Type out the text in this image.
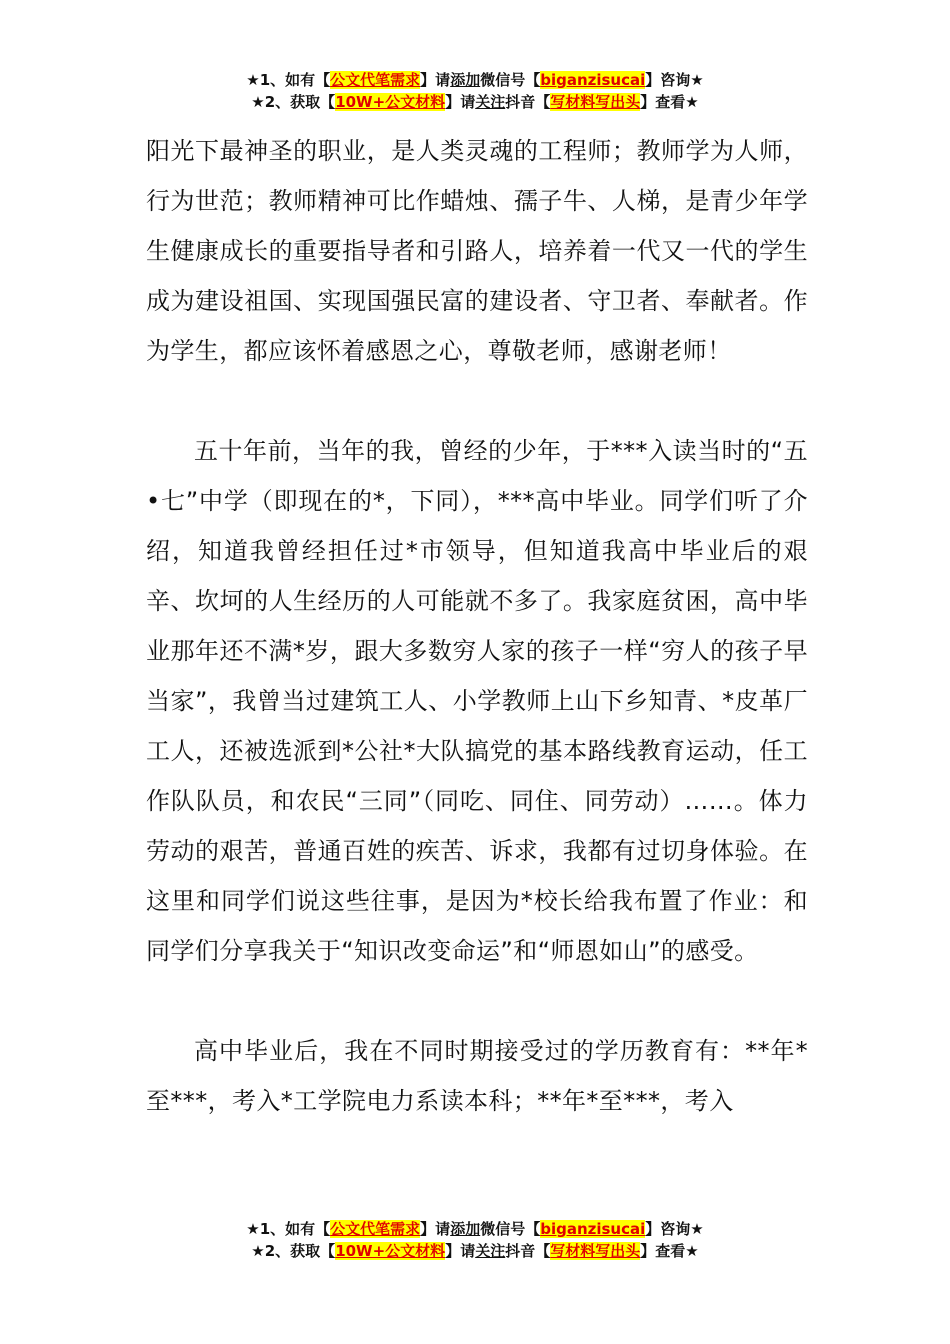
★1、如有【公文代笔需求】请添加微信号【biganzisucai】咨询★
★2、获取【10W+公文材料】请关注抖音【写材料写出头】查看★

阳光下最神圣的职业，是人类灵魂的工程师；教师学为人师，行为世范；教师精神可比作蜡烛、孺子牛、人梯，是青少年学生健康成长的重要指导者和引路人，培养着一代又一代的学生成为建设祖国、实现国强民富的建设者、守卫者、奉献者。作为学生，都应该怀着感恩之心，尊敬老师，感谢老师！

五十年前，当年的我，曾经的少年，于***入读当时的“五•七”中学（即现在的*，下同），***高中毕业。同学们听了介绍，知道我曾经担任过*市领导，但知道我高中毕业后的艰辛、坎坷的人生经历的人可能就不多了。我家庭贫困，高中毕业那年还不满*岁，跟大多数穷人家的孩子一样“穷人的孩子早当家”，我曾当过建筑工人、小学教师上山下乡知青、*皮革厂工人，还被选派到*公社*大队搞党的基本路线教育运动，任工作队队员，和农民“三同”（同吃、同住、同劳动）……。体力劳动的艰苦，普通百姓的疾苦、诉求，我都有过切身体验。在这里和同学们说这些往事，是因为*校长给我布置了作业：和同学们分享我关于“知识改变命运”和“师恩如山”的感受。

高中毕业后，我在不同时期接受过的学历教育有：**年*至***，考入*工学院电力系读本科；**年*至***，考入

★1、如有【公文代笔需求】请添加微信号【biganzisucai】咨询★
★2、获取【10W+公文材料】请关注抖音【写材料写出头】查看★
